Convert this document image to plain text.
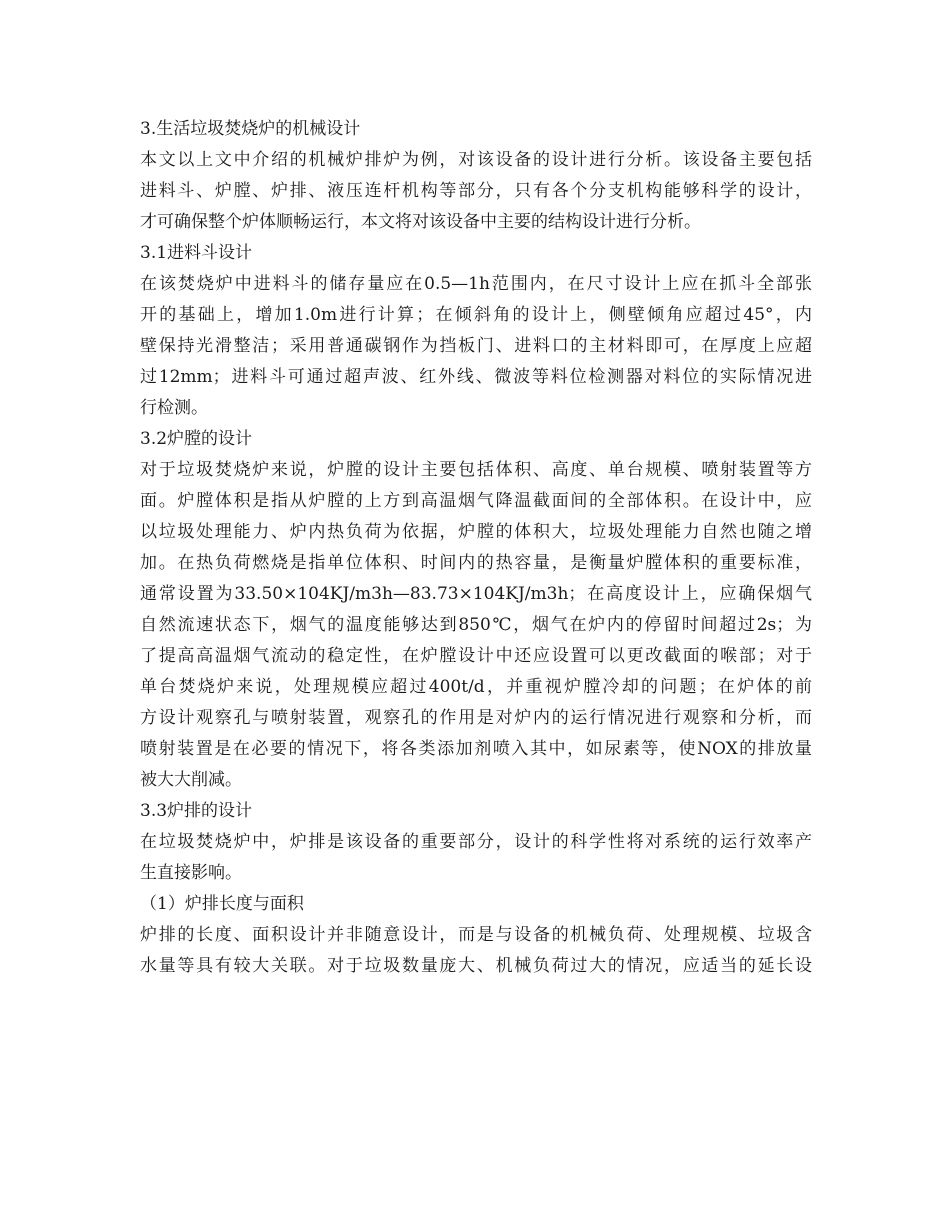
3.生活垃圾焚烧炉的机械设计
本文以上文中介绍的机械炉排炉为例，对该设备的设计进行分析。该设备主要包括
进料斗、炉膛、炉排、液压连杆机构等部分，只有各个分支机构能够科学的设计，
才可确保整个炉体顺畅运行，本文将对该设备中主要的结构设计进行分析。
3.1进料斗设计
在该焚烧炉中进料斗的储存量应在0.5—1h范围内，在尺寸设计上应在抓斗全部张
开的基础上，增加1.0m进行计算；在倾斜角的设计上，侧壁倾角应超过45°，内
壁保持光滑整洁；采用普通碳钢作为挡板门、进料口的主材料即可，在厚度上应超
过12mm；进料斗可通过超声波、红外线、微波等料位检测器对料位的实际情况进
行检测。
3.2炉膛的设计
对于垃圾焚烧炉来说，炉膛的设计主要包括体积、高度、单台规模、喷射装置等方
面。炉膛体积是指从炉膛的上方到高温烟气降温截面间的全部体积。在设计中，应
以垃圾处理能力、炉内热负荷为依据，炉膛的体积大，垃圾处理能力自然也随之增
加。在热负荷燃烧是指单位体积、时间内的热容量，是衡量炉膛体积的重要标准，
通常设置为33.50×104KJ/m3h—83.73×104KJ/m3h；在高度设计上，应确保烟气
自然流速状态下，烟气的温度能够达到850℃，烟气在炉内的停留时间超过2s；为
了提高高温烟气流动的稳定性，在炉膛设计中还应设置可以更改截面的喉部；对于
单台焚烧炉来说，处理规模应超过400t/d，并重视炉膛冷却的问题；在炉体的前
方设计观察孔与喷射装置，观察孔的作用是对炉内的运行情况进行观察和分析，而
喷射装置是在必要的情况下，将各类添加剂喷入其中，如尿素等，使NOX的排放量
被大大削减。
3.3炉排的设计
在垃圾焚烧炉中，炉排是该设备的重要部分，设计的科学性将对系统的运行效率产
生直接影响。
（1）炉排长度与面积
炉排的长度、面积设计并非随意设计，而是与设备的机械负荷、处理规模、垃圾含
水量等具有较大关联。对于垃圾数量庞大、机械负荷过大的情况，应适当的延长设
